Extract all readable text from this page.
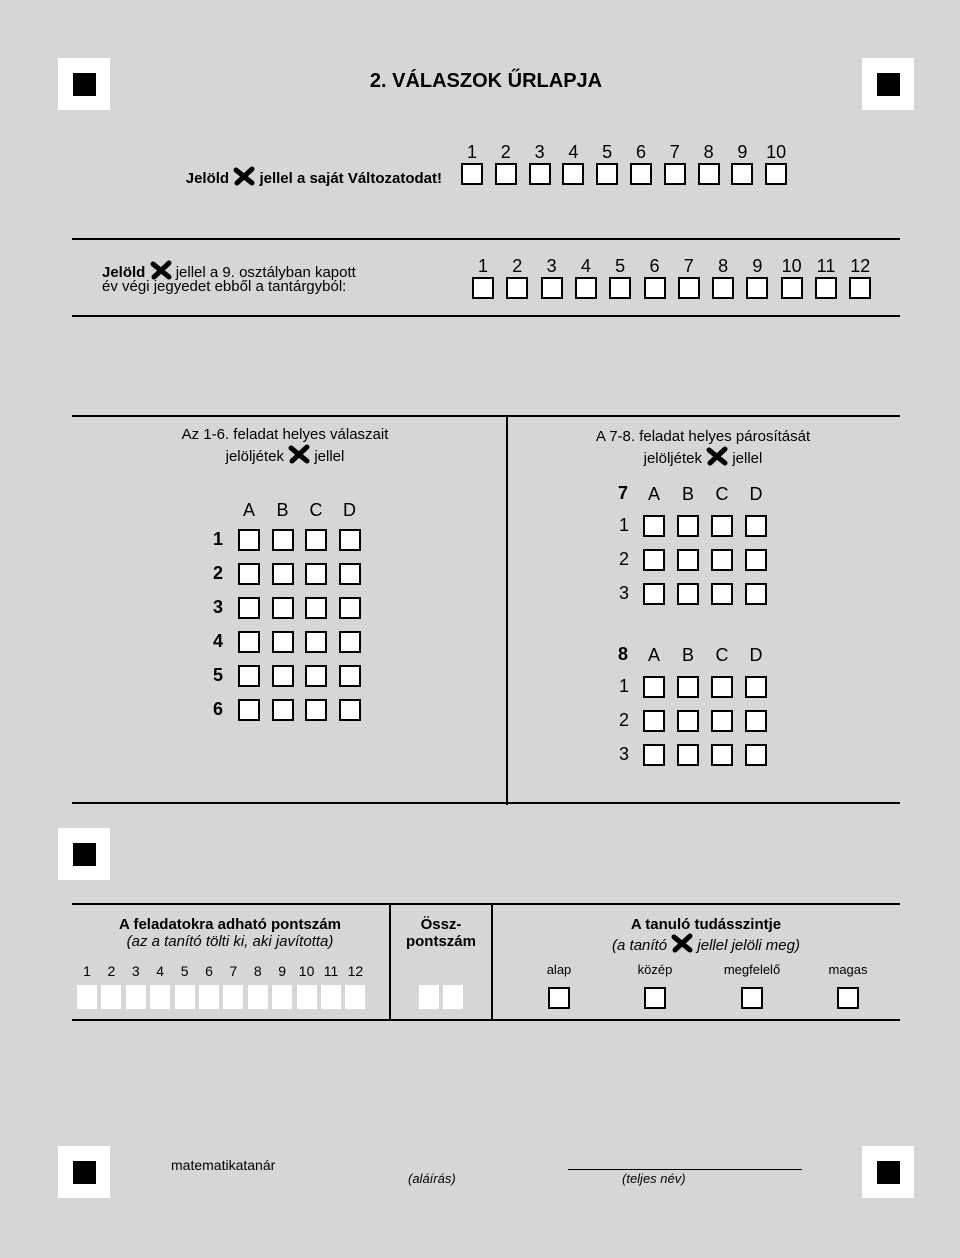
2. VÁLASZOK ŰRLAPJA
Jelöld jellel a saját Változatodat!
1	2	3	4	5	6	7	8	9	10
Jelöld jellel a 9. osztályban kapott
év végi jegyedet ebből a tantárgyból:
1	2	3	4	5	6	7	8	9	10 11 12
Az 1-6. feladat helyes válaszait
jelöljétek jellel
A	B	C	D
1
2
3
4
5
6
A 7-8. feladat helyes párosítását
jelöljétek jellel
7	A	B	C	D
1
2
3
8	A	B	C	D
1
2
3
A feladatokra adható pontszám
(az a tanító tölti ki, aki javította)
1	2	3	4	5	6	7	8	9 10 11 12
Össz-
pontszám
A tanuló tudásszintje
(a tanító jellel jelöli meg)
alap	közép	megfelelő	magas
matematikatanár
(aláírás)	(teljes név)
